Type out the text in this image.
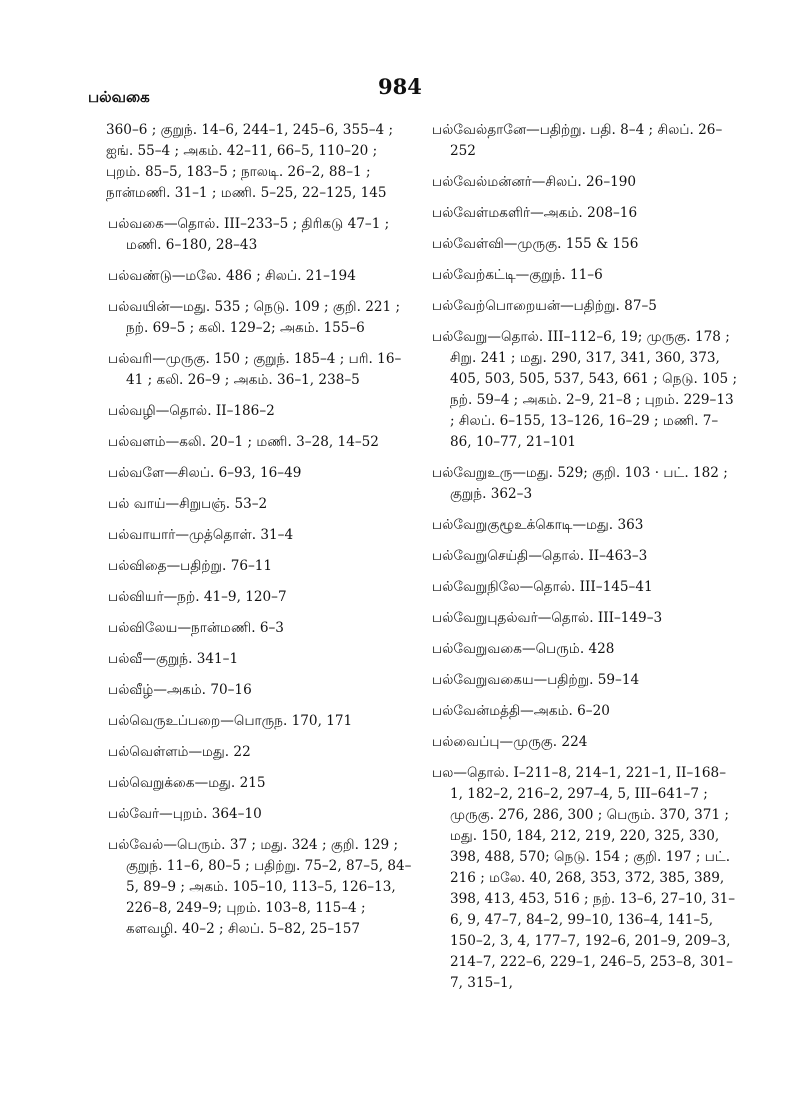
பல்வகை	984

360–6 ; குறுந். 14–6, 244–1, 245–6, 355–4 ; ஐங். 55–4 ; அகம். 42–11, 66–5, 110–20 ; புறம். 85–5, 183–5 ; நாலடி. 26–2, 88–1 ; நான்மணி. 31–1 ; மணி. 5–25, 22–125, 145

பல்வகை—தொல். III–233–5 ; திரிகடு 47–1 ; மணி. 6–180, 28–43

பல்வண்டு—மலே. 486 ; சிலப். 21–194

பல்வயின்—மது. 535 ; நெடு. 109 ; குறி. 221 ; நற். 69–5 ; கலி. 129–2; அகம். 155–6

பல்வரி—முருகு. 150 ; குறுந். 185–4 ; பரி. 16–41 ; கலி. 26–9 ; அகம். 36–1, 238–5

பல்வழி—தொல். II–186–2

பல்வளம்—கலி. 20–1 ; மணி. 3–28, 14–52

பல்வளே—சிலப். 6–93, 16–49

பல் வாய்—சிறுபஞ். 53–2

பல்வாயார்—முத்தொள். 31–4

பல்விதை—பதிற்று. 76–11

பல்வியர்—நற். 41–9, 120–7

பல்விலேய—நான்மணி. 6–3

பல்வீ—குறுந். 341–1

பல்வீழ்—அகம். 70–16

பல்வெருஉப்பறை—பொருந. 170, 171

பல்வெள்ளம்—மது. 22

பல்வெறுக்கை—மது. 215

பல்வேர்—புறம். 364–10

பல்வேல்—பெரும். 37 ; மது. 324 ; குறி. 129 ; குறுந். 11–6, 80–5 ; பதிற்று. 75–2, 87–5, 84–5, 89–9 ; அகம். 105–10, 113–5, 126–13, 226–8, 249–9; புறம். 103–8, 115–4 ; களவழி. 40–2 ; சிலப். 5–82, 25–157

பல்வேல்தானே—பதிற்று. பதி. 8–4 ; சிலப். 26–252

பல்வேல்மன்னர்—சிலப். 26–190

பல்வேள்மகளிர்—அகம். 208–16

பல்வேள்வி—முருகு. 155 & 156

பல்வேற்கட்டி—குறுந். 11–6

பல்வேற்பொறையன்—பதிற்று. 87–5

பல்வேறு—தொல். III–112–6, 19; முருகு. 178 ; சிறு. 241 ; மது. 290, 317, 341, 360, 373, 405, 503, 505, 537, 543, 661 ; நெடு. 105 ; நற். 59–4 ; அகம். 2–9, 21–8 ; புறம். 229–13 ; சிலப். 6–155, 13–126, 16–29 ; மணி. 7–86, 10–77, 21–101

பல்வேறுஉரு—மது. 529; குறி. 103 · பட். 182 ; குறுந். 362–3

பல்வேறுகுழூஉக்கொடி—மது. 363

பல்வேறுசெய்தி—தொல். II–463–3

பல்வேறுநிலே—தொல். III–145–41

பல்வேறுபுதல்வர்—தொல். III–149–3

பல்வேறுவகை—பெரும். 428

பல்வேறுவகைய—பதிற்று. 59–14

பல்வேன்மத்தி—அகம். 6–20

பல்வைப்பு—முருகு. 224

பல—தொல். I–211–8, 214–1, 221–1, II–168–1, 182–2, 216–2, 297–4, 5, III–641–7 ; முருகு. 276, 286, 300 ; பெரும். 370, 371 ; மது. 150, 184, 212, 219, 220, 325, 330, 398, 488, 570; நெடு. 154 ; குறி. 197 ; பட். 216 ; மலே. 40, 268, 353, 372, 385, 389, 398, 413, 453, 516 ; நற். 13–6, 27–10, 31–6, 9, 47–7, 84–2, 99–10, 136–4, 141–5, 150–2, 3, 4, 177–7, 192–6, 201–9, 209–3, 214–7, 222–6, 229–1, 246–5, 253–8, 301–7, 315–1,
